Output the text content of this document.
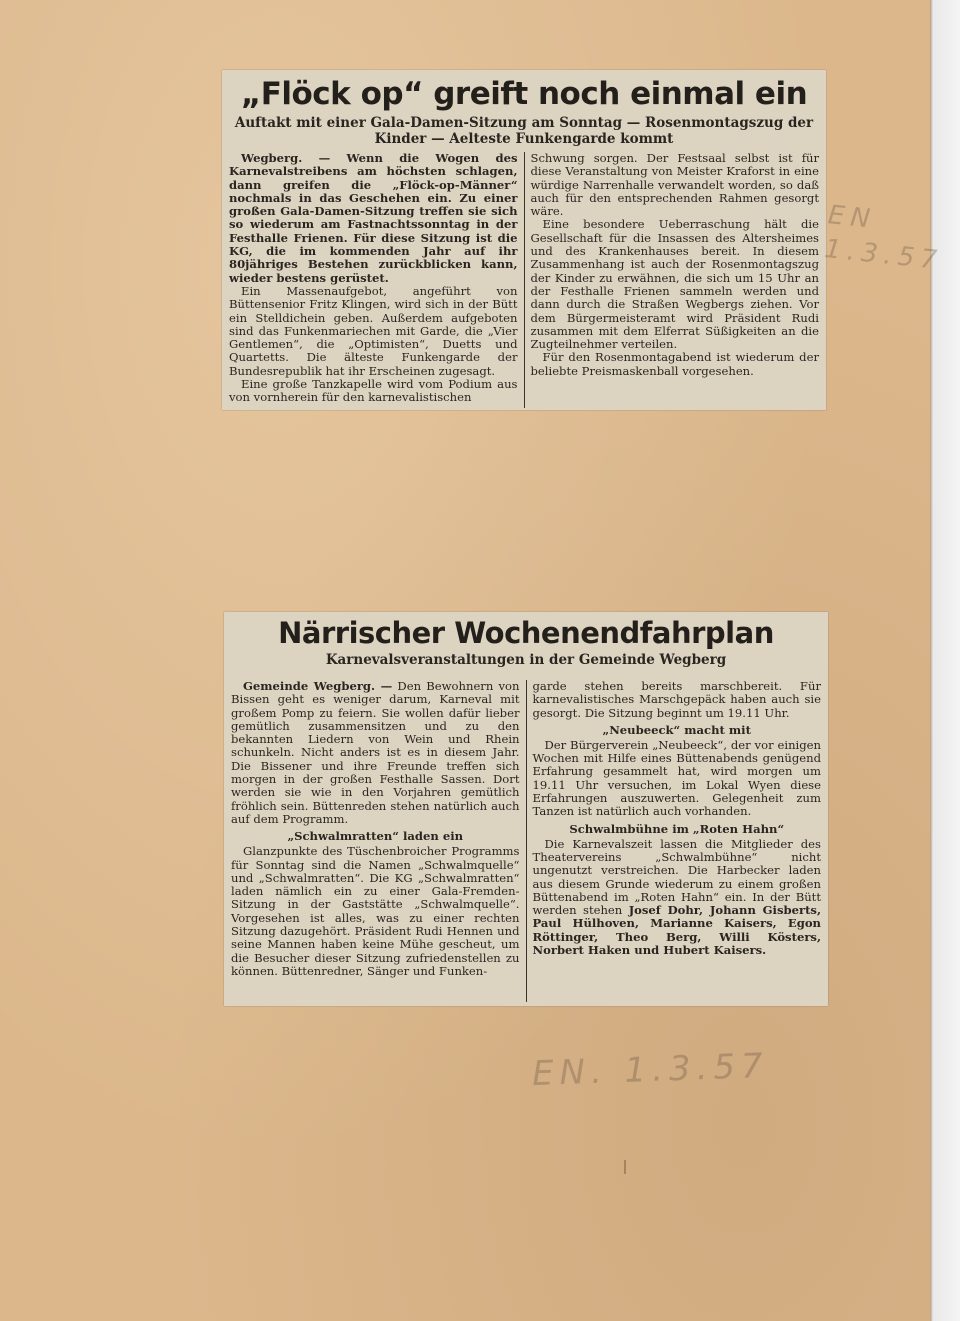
„Flöck op“ greift noch einmal ein

Auftakt mit einer Gala-Damen-Sitzung am Sonntag — Rosenmontagszug der Kinder — Aelteste Funkengarde kommt

Wegberg. — Wenn die Wogen des Karnevalstreibens am höchsten schlagen, dann greifen die „Flöck-op-Männer“ nochmals in das Geschehen ein. Zu einer großen Gala-Damen-Sitzung treffen sie sich so wiederum am Fastnachtssonntag in der Festhalle Frienen. Für diese Sitzung ist die KG, die im kommenden Jahr auf ihr 80jähriges Bestehen zurückblicken kann, wieder bestens gerüstet.

Ein Massenaufgebot, angeführt von Büttensenior Fritz Klingen, wird sich in der Bütt ein Stelldichein geben. Außerdem aufgeboten sind das Funkenmariechen mit Garde, die „Vier Gentlemen“, die „Optimisten“, Duetts und Quartetts. Die älteste Funkengarde der Bundesrepublik hat ihr Erscheinen zugesagt.

Eine große Tanzkapelle wird vom Podium aus von vornherein für den karnevalistischen

Schwung sorgen. Der Festsaal selbst ist für diese Veranstaltung von Meister Kraforst in eine würdige Narrenhalle verwandelt worden, so daß auch für den entsprechenden Rahmen gesorgt wäre.

Eine besondere Ueberraschung hält die Gesellschaft für die Insassen des Altersheimes und des Krankenhauses bereit. In diesem Zusammenhang ist auch der Rosenmontagszug der Kinder zu erwähnen, die sich um 15 Uhr an der Festhalle Frienen sammeln werden und dann durch die Straßen Wegbergs ziehen. Vor dem Bürgermeisteramt wird Präsident Rudi zusammen mit dem Elferrat Süßigkeiten an die Zugteilnehmer verteilen.

Für den Rosenmontagabend ist wiederum der beliebte Preismaskenball vorgesehen.

Närrischer Wochenendfahrplan

Karnevalsveranstaltungen in der Gemeinde Wegberg

Gemeinde Wegberg. — Den Bewohnern von Bissen geht es weniger darum, Karneval mit großem Pomp zu feiern. Sie wollen dafür lieber gemütlich zusammensitzen und zu den bekannten Liedern von Wein und Rhein schunkeln. Nicht anders ist es in diesem Jahr. Die Bissener und ihre Freunde treffen sich morgen in der großen Festhalle Sassen. Dort werden sie wie in den Vorjahren gemütlich fröhlich sein. Büttenreden stehen natürlich auch auf dem Programm.

„Schwalmratten“ laden ein

Glanzpunkte des Tüschenbroicher Programms für Sonntag sind die Namen „Schwalmquelle“ und „Schwalmratten“. Die KG „Schwalmratten“ laden nämlich ein zu einer Gala-Fremden-Sitzung in der Gaststätte „Schwalmquelle“. Vorgesehen ist alles, was zu einer rechten Sitzung dazugehört. Präsident Rudi Hennen und seine Mannen haben keine Mühe gescheut, um die Besucher dieser Sitzung zufriedenstellen zu können. Büttenredner, Sänger und Funken-

garde stehen bereits marschbereit. Für karnevalistisches Marschgepäck haben auch sie gesorgt. Die Sitzung beginnt um 19.11 Uhr.

„Neubeeck“ macht mit

Der Bürgerverein „Neubeeck“, der vor einigen Wochen mit Hilfe eines Büttenabends genügend Erfahrung gesammelt hat, wird morgen um 19.11 Uhr versuchen, im Lokal Wyen diese Erfahrungen auszuwerten. Gelegenheit zum Tanzen ist natürlich auch vorhanden.

Schwalmbühne im „Roten Hahn“

Die Karnevalszeit lassen die Mitglieder des Theatervereins „Schwalmbühne“ nicht ungenutzt verstreichen. Die Harbecker laden aus diesem Grunde wiederum zu einem großen Büttenabend im „Roten Hahn“ ein. In der Bütt werden stehen Josef Dohr, Johann Gisberts, Paul Hülhoven, Marianne Kaisers, Egon Röttinger, Theo Berg, Willi Kösters, Norbert Haken und Hubert Kaisers.

EN 1.3.57
EN. 1.3.57
